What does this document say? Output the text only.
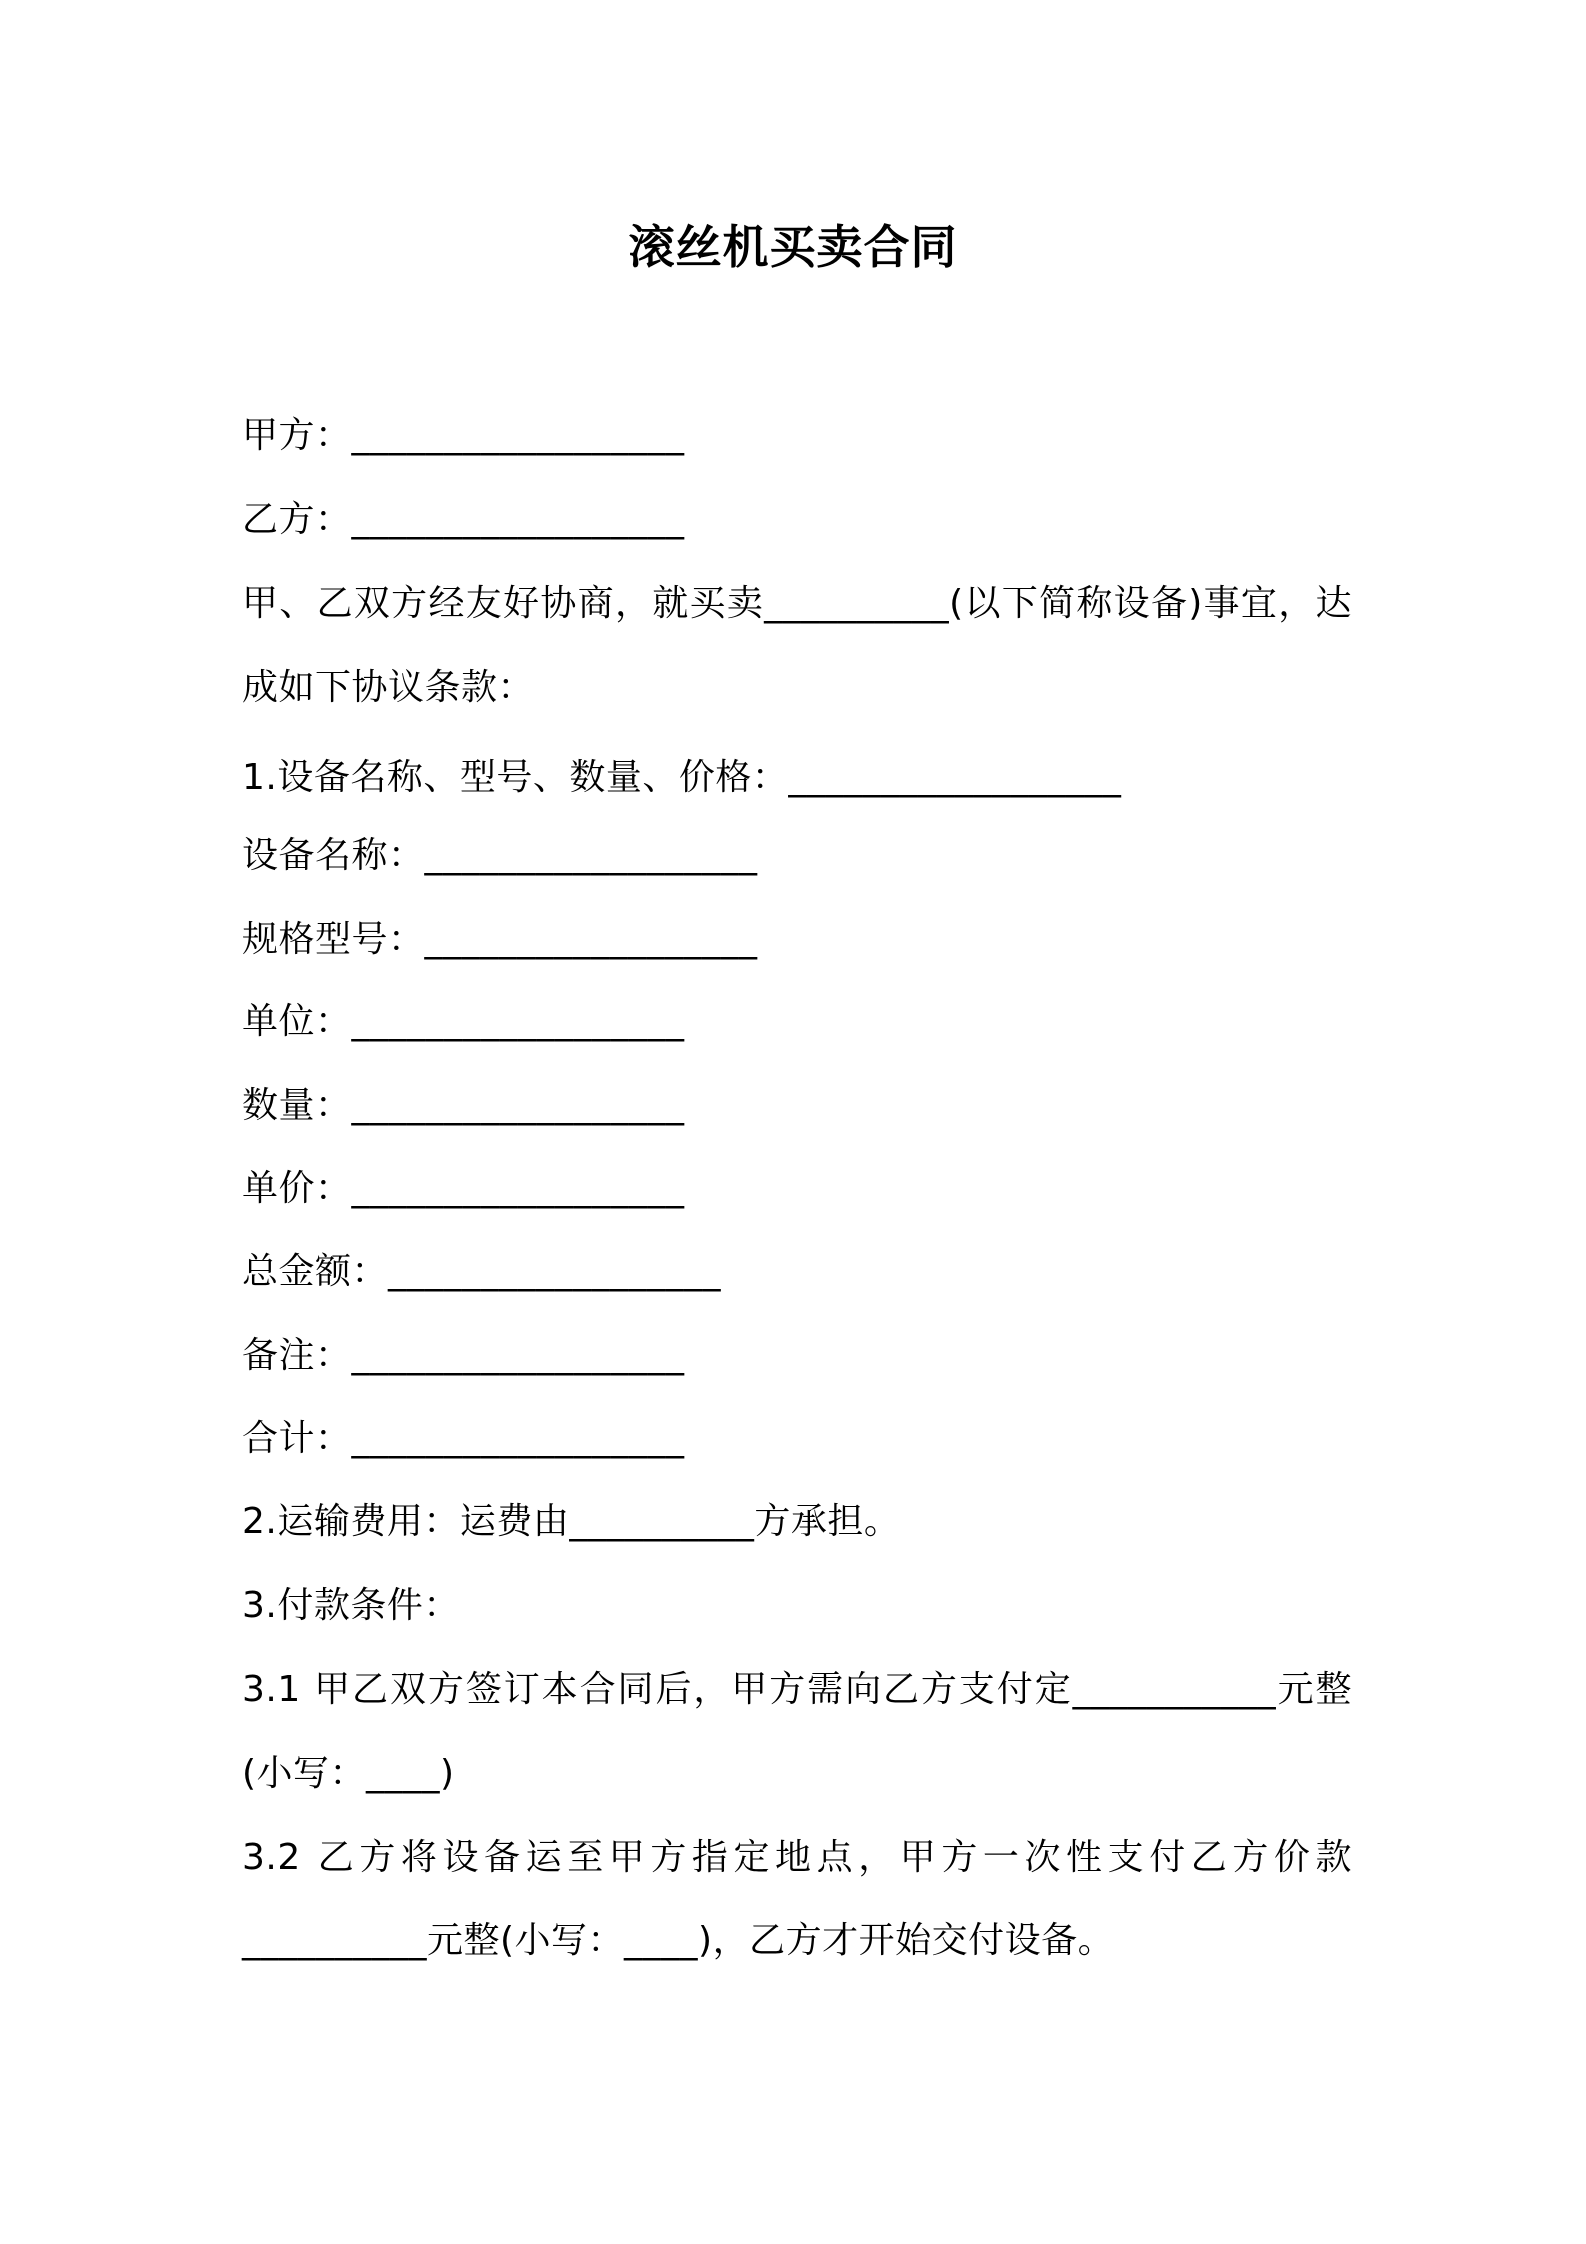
滚丝机买卖合同
甲方：__________________
乙方：__________________
甲、乙双方经友好协商，就买卖__________(以下简称设备)事宜，达
成如下协议条款：
1.设备名称、型号、数量、价格：__________________
设备名称：__________________
规格型号：__________________
单位：__________________
数量：__________________
单价：__________________
总金额：__________________
备注：__________________
合计：__________________
2.运输费用：运费由__________方承担。
3.付款条件：
3.1 甲乙双方签订本合同后，甲方需向乙方支付定___________元整
(小写：____)
3.2 乙方将设备运至甲方指定地点，甲方一次性支付乙方价款
__________元整(小写：____)，乙方才开始交付设备。
